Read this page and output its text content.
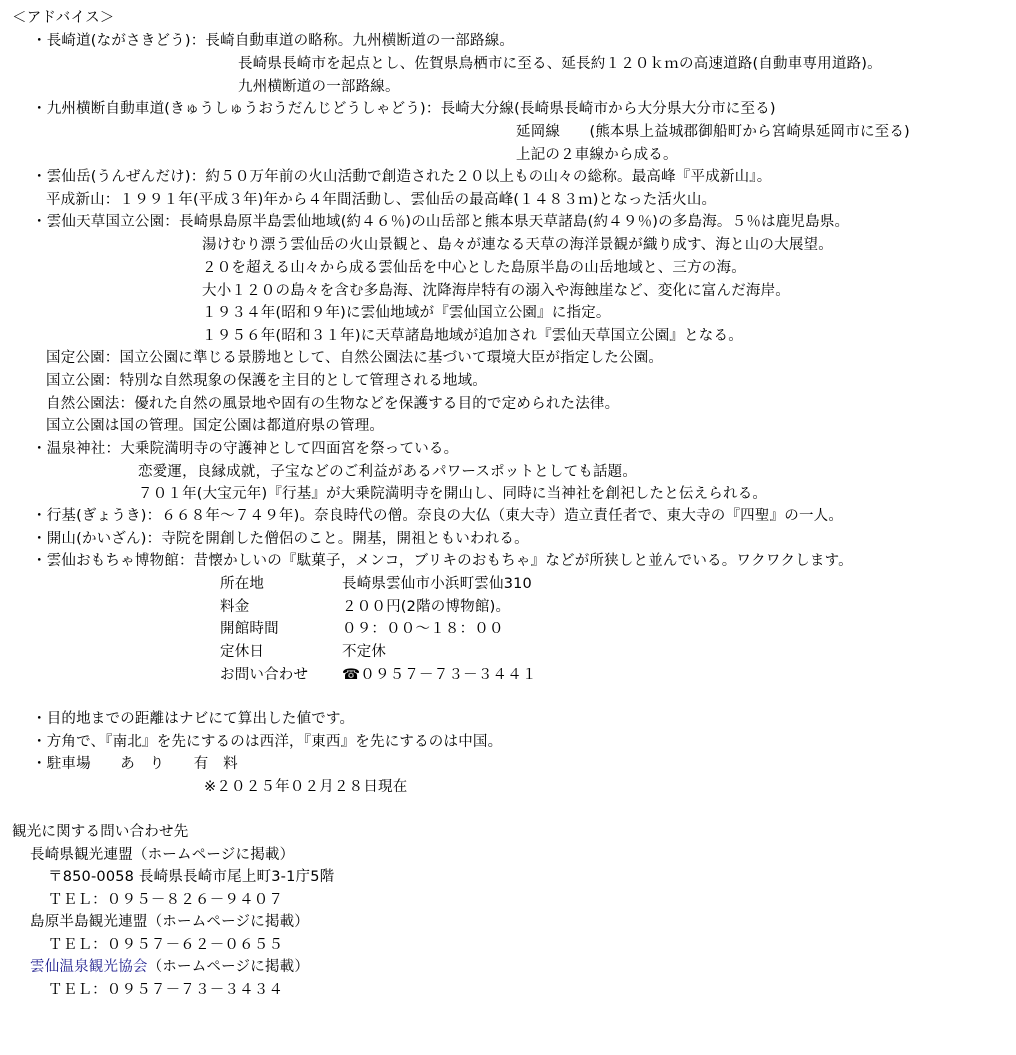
＜アドバイス＞
・長崎道(ながさきどう)：長崎自動車道の略称。九州横断道の一部路線。
長崎県長崎市を起点とし、佐賀県鳥栖市に至る、延長約１２０ｋｍの高速道路(自動車専用道路)。
九州横断道の一部路線。
・九州横断自動車道(きゅうしゅうおうだんじどうしゃどう)：長崎大分線(長崎県長崎市から大分県大分市に至る)
延岡線　　(熊本県上益城郡御船町から宮崎県延岡市に至る)
上記の２車線から成る。
・雲仙岳(うんぜんだけ)：約５０万年前の火山活動で創造された２０以上もの山々の総称。最高峰『平成新山』。
平成新山：１９９１年(平成３年)年から４年間活動し、雲仙岳の最高峰(１４８３ｍ)となった活火山。
・雲仙天草国立公園：長崎県島原半島雲仙地域(約４６％)の山岳部と熊本県天草諸島(約４９％)の多島海。５％は鹿児島県。
湯けむり漂う雲仙岳の火山景観と、島々が連なる天草の海洋景観が織り成す、海と山の大展望。
２０を超える山々から成る雲仙岳を中心とした島原半島の山岳地域と、三方の海。
大小１２０の島々を含む多島海、沈降海岸特有の溺入や海蝕崖など、変化に富んだ海岸。
１９３４年(昭和９年)に雲仙地域が『雲仙国立公園』に指定。
１９５６年(昭和３１年)に天草諸島地域が追加され『雲仙天草国立公園』となる。
国定公園：国立公園に準じる景勝地として、自然公園法に基づいて環境大臣が指定した公園。
国立公園：特別な自然現象の保護を主目的として管理される地域。
自然公園法：優れた自然の風景地や固有の生物などを保護する目的で定められた法律。
国立公園は国の管理。国定公園は都道府県の管理。
・温泉神社：大乗院満明寺の守護神として四面宮を祭っている。
恋愛運，良縁成就，子宝などのご利益があるパワースポットとしても話題。
７０１年(大宝元年)『行基』が大乗院満明寺を開山し、同時に当神社を創祀したと伝えられる。
・行基(ぎょうき)：６６８年〜７４９年)。奈良時代の僧。奈良の大仏（東大寺）造立責任者で、東大寺の『四聖』の一人。
・開山(かいざん)：寺院を開創した僧侶のこと。開基，開祖ともいわれる。
・雲仙おもちゃ博物館：昔懐かしいの『駄菓子，メンコ，ブリキのおもちゃ』などが所狭しと並んでいる。ワクワクします。
所在地	長崎県雲仙市小浜町雲仙310
料金	２００円(2階の博物館)。
開館時間	０９：００〜１８：００
定休日	不定休
お問い合わせ ☎０９５７－７３－３４４１
・目的地までの距離はナビにて算出した値です。
・方角で、『南北』を先にするのは西洋，『東西』を先にするのは中国。
・駐車場　　あ　り　　有　料
※２０２５年０２月２８日現在
観光に関する問い合わせ先
長崎県観光連盟（ホームページに掲載）
〒850-0058 長崎県長崎市尾上町3-1庁5階
ＴＥＬ：０９５－８２６－９４０７
島原半島観光連盟（ホームページに掲載）
ＴＥＬ：０９５７－６２－０６５５
雲仙温泉観光協会（ホームページに掲載）
ＴＥＬ：０９５７－７３－３４３４
